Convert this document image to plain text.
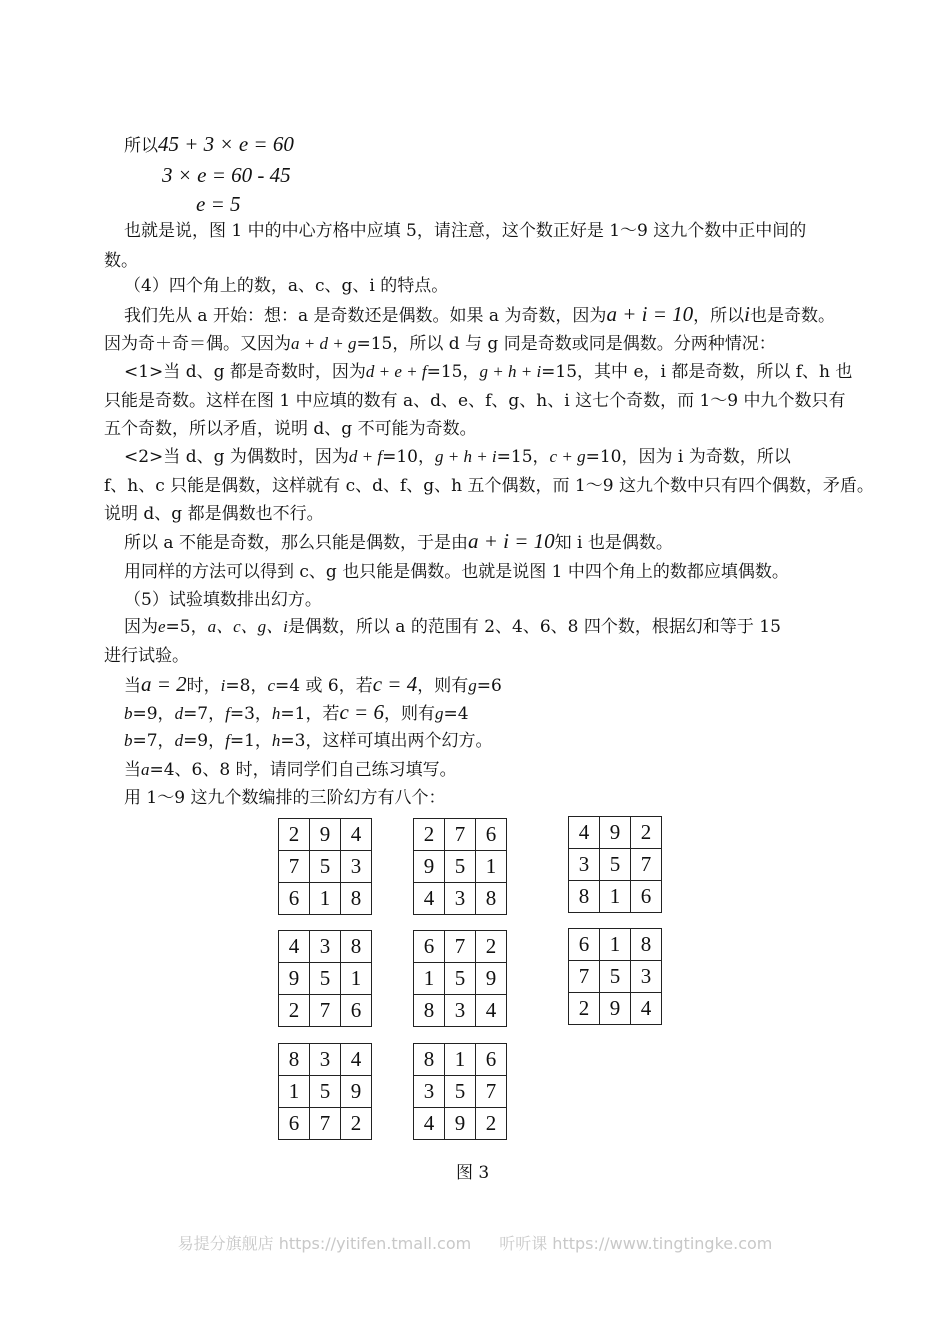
所以45 + 3 × e = 60
3 × e = 60 - 45
e = 5
也就是说，图 1 中的中心方格中应填 5，请注意，这个数正好是 1～9 这九个数中正中间的
数。
（4）四个角上的数，a、c、g、i 的特点。
我们先从 a 开始：想：a 是奇数还是偶数。如果 a 为奇数，因为a + i = 10，所以i也是奇数。
因为奇＋奇＝偶。又因为a + d + g=15，所以 d 与 g 同是奇数或同是偶数。分两种情况：
<1>当 d、g 都是奇数时，因为d + e + f=15，g + h + i=15，其中 e，i 都是奇数，所以 f、h 也
只能是奇数。这样在图 1 中应填的数有 a、d、e、f、g、h、i 这七个奇数，而 1～9 中九个数只有
五个奇数，所以矛盾，说明 d、g 不可能为奇数。
<2>当 d、g 为偶数时，因为d + f=10，g + h + i=15，c + g=10，因为 i 为奇数，所以
f、h、c 只能是偶数，这样就有 c、d、f、g、h 五个偶数，而 1～9 这九个数中只有四个偶数，矛盾。
说明 d、g 都是偶数也不行。
所以 a 不能是奇数，那么只能是偶数，于是由a + i = 10知 i 也是偶数。
用同样的方法可以得到 c、g 也只能是偶数。也就是说图 1 中四个角上的数都应填偶数。
（5）试验填数排出幻方。
因为e=5，a、c、g、i是偶数，所以 a 的范围有 2、4、6、8 四个数，根据幻和等于 15
进行试验。
当a = 2时，i=8，c=4 或 6，若c = 4，则有g=6
b=9，d=7，f=3，h=1，若c = 6，则有g=4
b=7，d=9，f=1，h=3，这样可填出两个幻方。
当a=4、6、8 时，请同学们自己练习填写。
用 1～9 这九个数编排的三阶幻方有八个：
2	9	4
7	5	3
6	1	8
2	7	6
9	5	1
4	3	8
4	9	2
3	5	7
8	1	6
4	3	8
9	5	1
2	7	6
6	7	2
1	5	9
8	3	4
6	1	8
7	5	3
2	9	4
8	3	4
1	5	9
6	7	2
8	1	6
3	5	7
4	9	2
图 3
易提分旗舰店 https://yitifen.tmall.com 听听课 https://www.tingtingke.com
